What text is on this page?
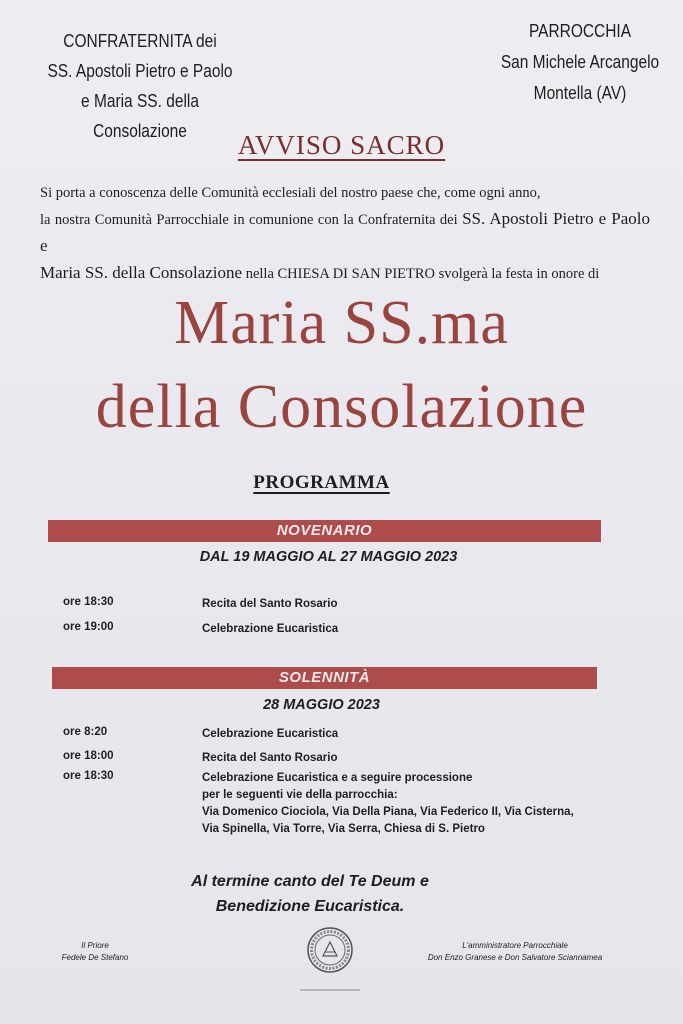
CONFRATERNITA dei
SS. Apostoli Pietro e Paolo
e Maria SS. della Consolazione
PARROCCHIA
San Michele Arcangelo
Montella (AV)
AVVISO SACRO
Si porta a conoscenza delle Comunità ecclesiali del nostro paese che, come ogni anno,
la nostra Comunità Parrocchiale in comunione con la Confraternita dei SS. Apostoli Pietro e Paolo e
Maria SS. della Consolazione nella CHIESA DI SAN PIETRO svolgerà la festa in onore di
Maria SS.ma
della Consolazione
PROGRAMMA
NOVENARIO
DAL 19 MAGGIO AL 27 MAGGIO 2023
ore 18:30	Recita del Santo Rosario
ore 19:00	Celebrazione Eucaristica
SOLENNITÀ
28 MAGGIO 2023
ore 8:20	Celebrazione Eucaristica
ore 18:00	Recita del Santo Rosario
ore 18:30	Celebrazione Eucaristica e a seguire processione
per le seguenti vie della parrocchia:
Via Domenico Ciociola, Via Della Piana, Via Federico II, Via Cisterna,
Via Spinella, Via Torre, Via Serra, Chiesa di S. Pietro
Al termine canto del Te Deum e
Benedizione Eucaristica.
Il Priore
Fedele De Stefano
L'amministratore Parrocchiale
Don Enzo Granese e Don Salvatore Sciannamea
